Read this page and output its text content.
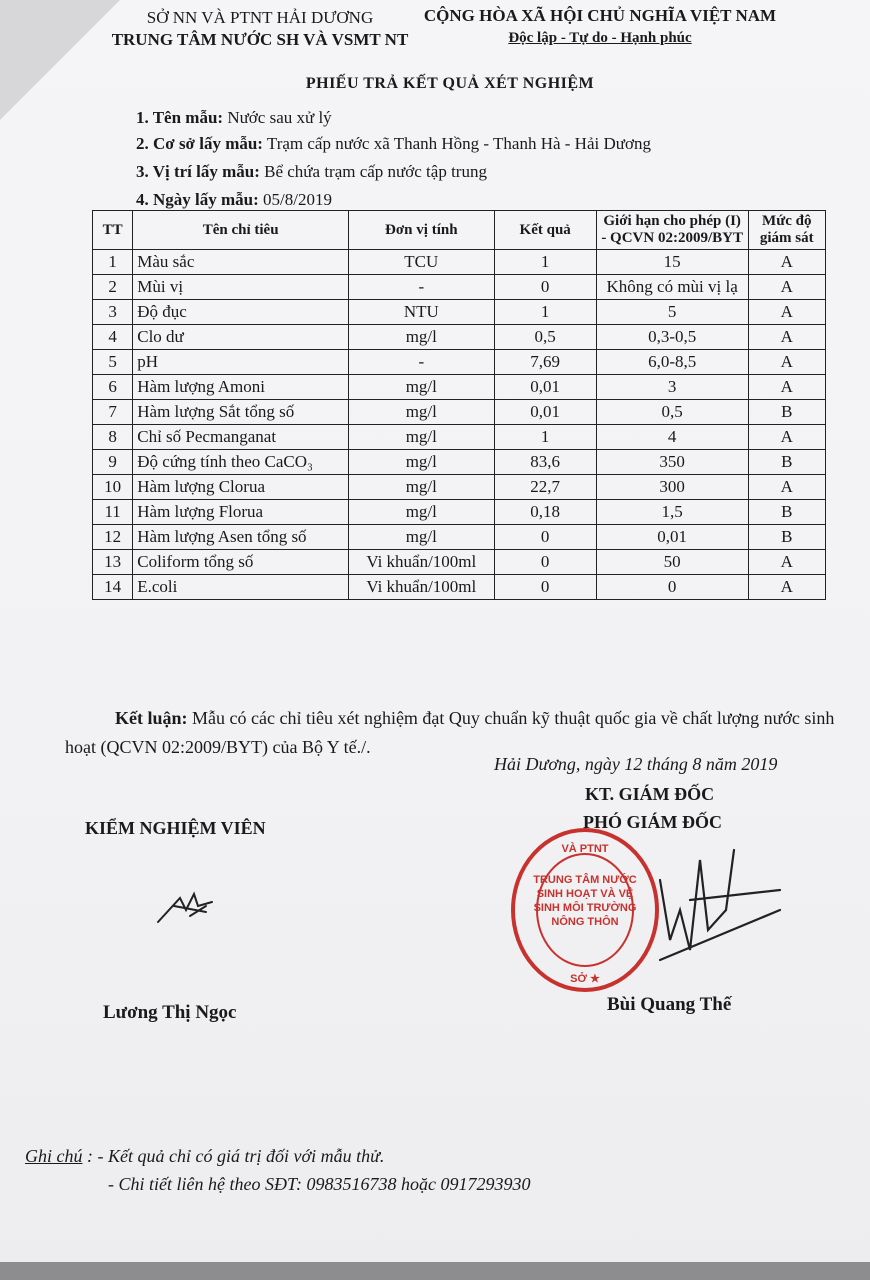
SỞ NN VÀ PTNT HẢI DƯƠNG
TRUNG TÂM NƯỚC SH VÀ VSMT NT
CỘNG HÒA XÃ HỘI CHỦ NGHĨA VIỆT NAM
Độc lập - Tự do - Hạnh phúc
PHIẾU TRẢ KẾT QUẢ XÉT NGHIỆM
1. Tên mẫu: Nước sau xử lý
2. Cơ sở lấy mẫu: Trạm cấp nước xã Thanh Hồng - Thanh Hà - Hải Dương
3. Vị trí lấy mẫu: Bể chứa trạm cấp nước tập trung
4. Ngày lấy mẫu: 05/8/2019
TT	Tên chỉ tiêu	Đơn vị tính	Kết quả	Giới hạn cho phép (I) - QCVN 02:2009/BYT	Mức độ giám sát
1	Màu sắc	TCU	1	15	A
2	Mùi vị	-	0	Không có mùi vị lạ	A
3	Độ đục	NTU	1	5	A
4	Clo dư	mg/l	0,5	0,3-0,5	A
5	pH	-	7,69	6,0-8,5	A
6	Hàm lượng Amoni	mg/l	0,01	3	A
7	Hàm lượng Sắt tổng số	mg/l	0,01	0,5	B
8	Chỉ số Pecmanganat	mg/l	1	4	A
9	Độ cứng tính theo CaCO₃	mg/l	83,6	350	B
10	Hàm lượng Clorua	mg/l	22,7	300	A
11	Hàm lượng Florua	mg/l	0,18	1,5	B
12	Hàm lượng Asen tổng số	mg/l	0	0,01	B
13	Coliform tổng số	Vi khuẩn/100ml	0	50	A
14	E.coli	Vi khuẩn/100ml	0	0	A
Kết luận: Mẫu có các chỉ tiêu xét nghiệm đạt Quy chuẩn kỹ thuật quốc gia về chất lượng nước sinh hoạt (QCVN 02:2009/BYT) của Bộ Y tế./.
Hải Dương, ngày 12 tháng 8 năm 2019
KT. GIÁM ĐỐC
PHÓ GIÁM ĐỐC
KIỂM NGHIỆM VIÊN
VÀ PTNT
SỞ ★
TRUNG TÂM NƯỚC SINH HOẠT VÀ VỆ SINH MÔI TRƯỜNG NÔNG THÔN
Lương Thị Ngọc	Bùi Quang Thế
Ghi chú : - Kết quả chỉ có giá trị đối với mẫu thử.
- Chi tiết liên hệ theo SĐT: 0983516738 hoặc 0917293930
